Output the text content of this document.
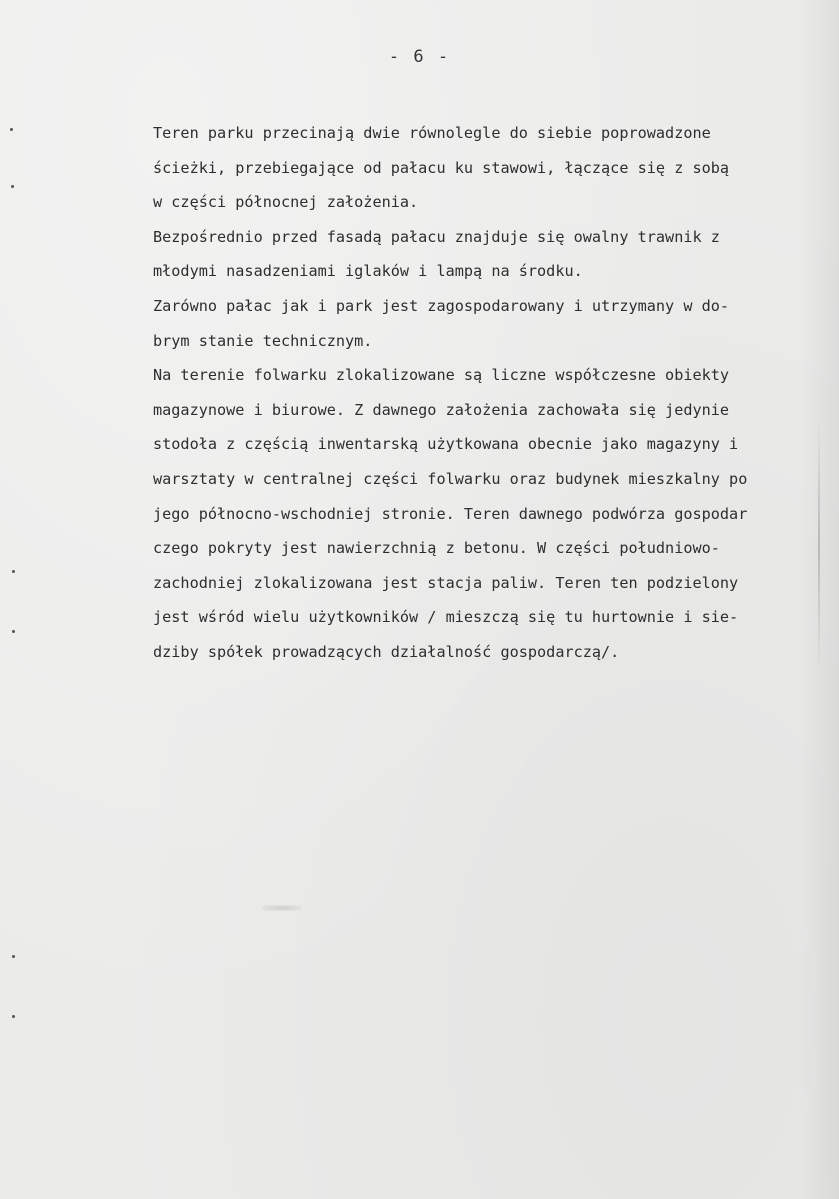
- 6 -
Teren parku przecinają dwie równolegle do siebie poprowadzone
ścieżki, przebiegające od pałacu ku stawowi, łączące się z sobą
w części północnej założenia.
Bezpośrednio przed fasadą pałacu znajduje się owalny trawnik z
młodymi nasadzeniami iglaków i lampą na środku.
Zarówno pałac jak i park jest zagospodarowany i utrzymany w do-
brym stanie technicznym.
Na terenie folwarku zlokalizowane są liczne współczesne obiekty
magazynowe i biurowe. Z dawnego założenia zachowała się jedynie
stodoła z częścią inwentarską użytkowana obecnie jako magazyny i
warsztaty w centralnej części folwarku oraz budynek mieszkalny po
jego północno-wschodniej stronie. Teren dawnego podwórza gospodar
czego pokryty jest nawierzchnią z betonu. W części południowo-
zachodniej zlokalizowana jest stacja paliw. Teren ten podzielony
jest wśród wielu użytkowników / mieszczą się tu hurtownie i sie-
dziby spółek prowadzących działalność gospodarczą/.
